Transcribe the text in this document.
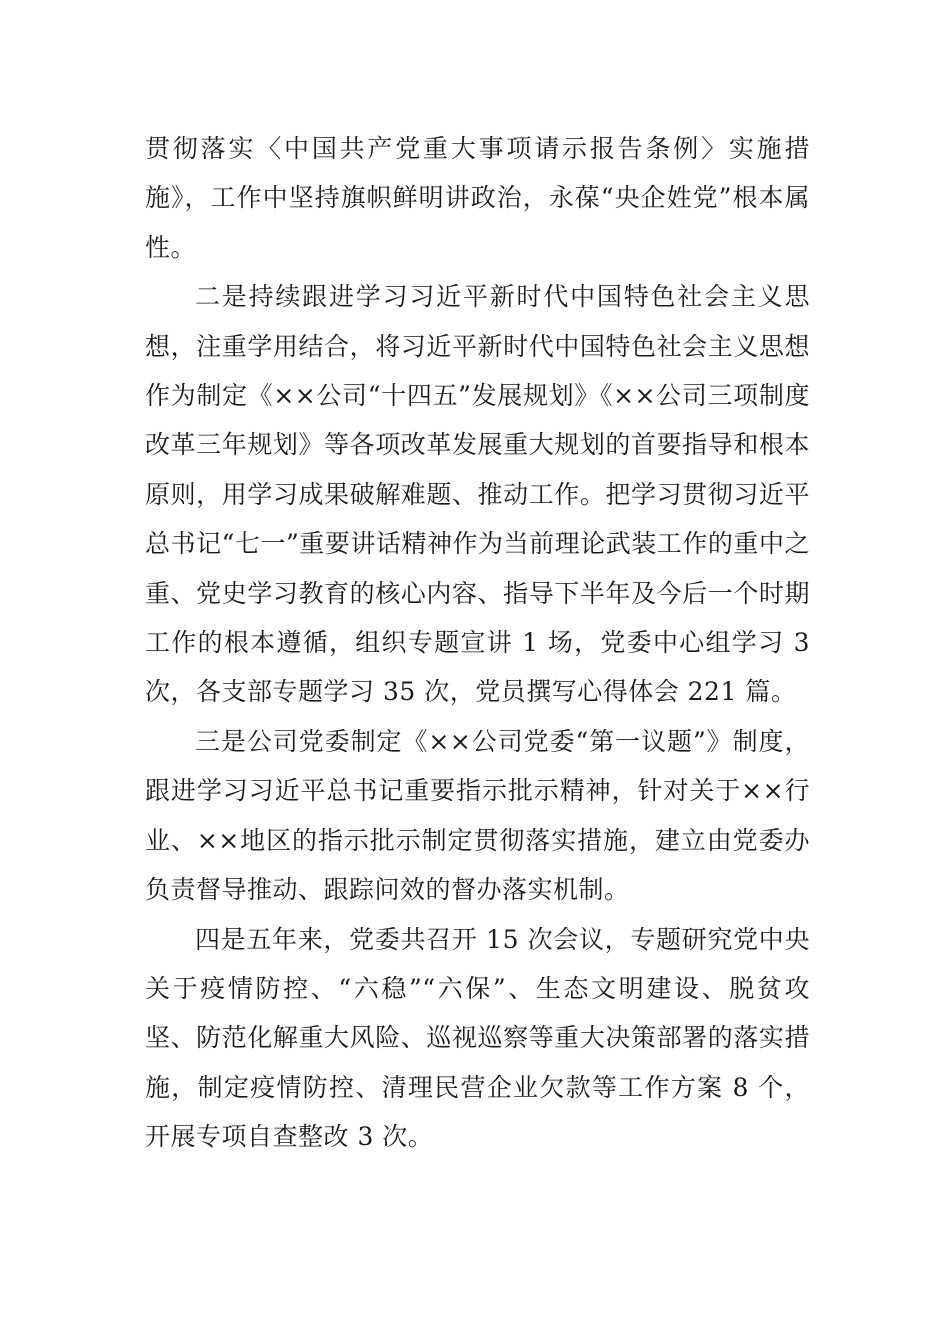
贯彻落实〈中国共产党重大事项请示报告条例〉实施措施》，工作中坚持旗帜鲜明讲政治，永葆“央企姓党”根本属性。

二是持续跟进学习习近平新时代中国特色社会主义思想，注重学用结合，将习近平新时代中国特色社会主义思想作为制定《××公司“十四五”发展规划》《××公司三项制度改革三年规划》等各项改革发展重大规划的首要指导和根本原则，用学习成果破解难题、推动工作。把学习贯彻习近平总书记“七一”重要讲话精神作为当前理论武装工作的重中之重、党史学习教育的核心内容、指导下半年及今后一个时期工作的根本遵循，组织专题宣讲 1 场，党委中心组学习 3 次，各支部专题学习 35 次，党员撰写心得体会 221 篇。

三是公司党委制定《××公司党委“第一议题”》制度，跟进学习习近平总书记重要指示批示精神，针对关于××行业、××地区的指示批示制定贯彻落实措施，建立由党委办负责督导推动、跟踪问效的督办落实机制。

四是五年来，党委共召开 15 次会议，专题研究党中央关于疫情防控、“六稳”“六保”、生态文明建设、脱贫攻坚、防范化解重大风险、巡视巡察等重大决策部署的落实措施，制定疫情防控、清理民营企业欠款等工作方案 8 个，开展专项自查整改 3 次。
